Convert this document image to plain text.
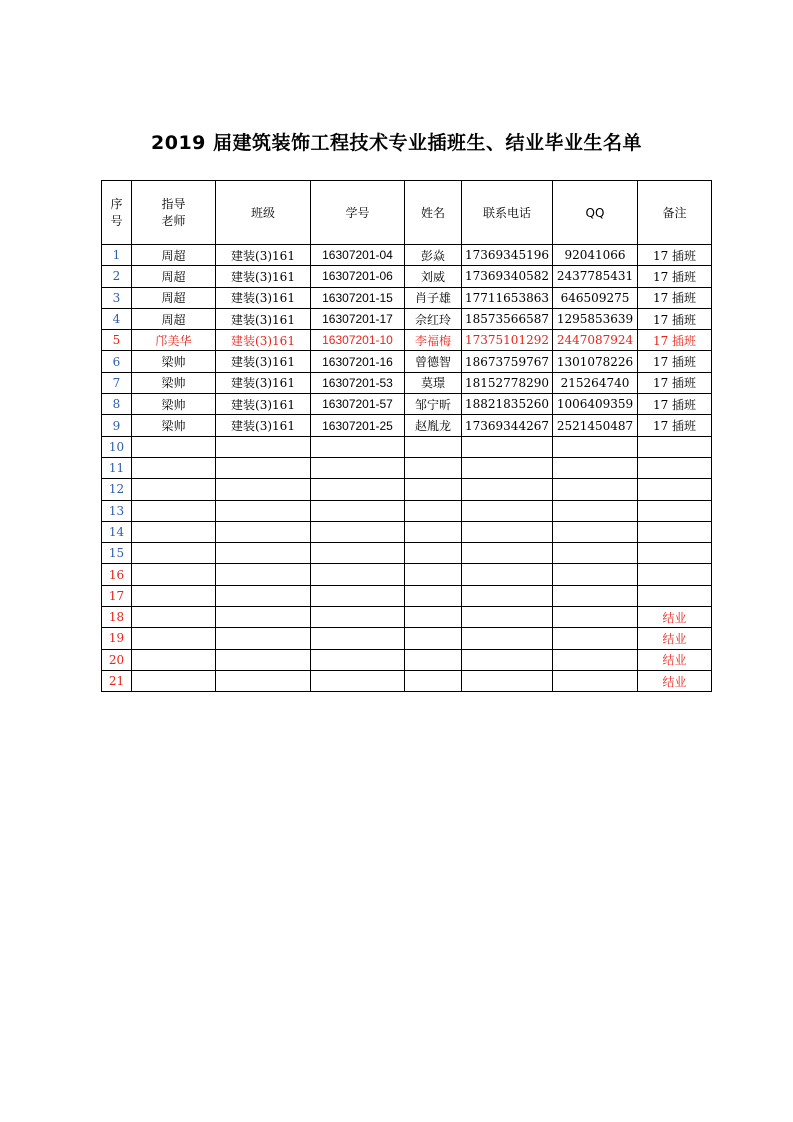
2019 届建筑装饰工程技术专业插班生、结业毕业生名单
序
号	指导
老师	班级	学号	姓名	联系电话	QQ	备注
1	周超	建装(3)161	16307201-04	彭焱	17369345196	92041066	17 插班
2	周超	建装(3)161	16307201-06	刘威	17369340582	2437785431	17 插班
3	周超	建装(3)161	16307201-15	肖子雄	17711653863	646509275	17 插班
4	周超	建装(3)161	16307201-17	佘红玲	18573566587	1295853639	17 插班
5	邝美华	建装(3)161	16307201-10	李福梅	17375101292	2447087924	17 插班
6	梁帅	建装(3)161	16307201-16	曾德智	18673759767	1301078226	17 插班
7	梁帅	建装(3)161	16307201-53	莫璟	18152778290	215264740	17 插班
8	梁帅	建装(3)161	16307201-57	邹宁昕	18821835260	1006409359	17 插班
9	梁帅	建装(3)161	16307201-25	赵胤龙	17369344267	2521450487	17 插班
10							
11							
12							
13							
14							
15							
16							
17							
18							结业
19							结业
20							结业
21							结业
